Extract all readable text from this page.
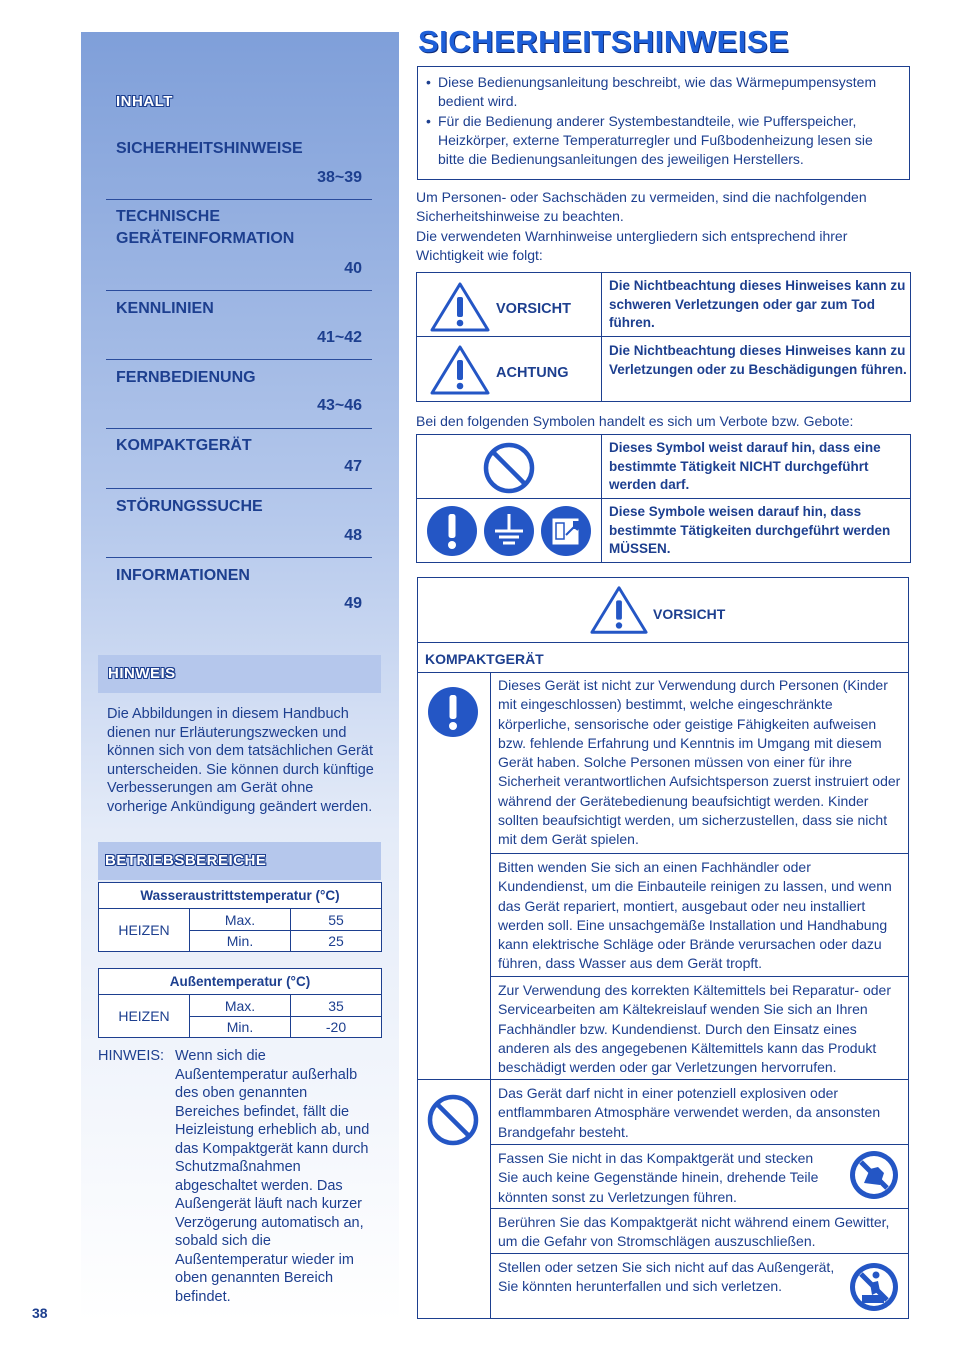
INHALT
SICHERHEITSHINWEISE
38~39
TECHNISCHE GERÄTEINFORMATION
40
KENNLINIEN
41~42
FERNBEDIENUNG
43~46
KOMPAKTGERÄT
47
STÖRUNGSSUCHE
48
INFORMATIONEN
49
HINWEIS
Die Abbildungen in diesem Handbuch dienen nur Erläuterungszwecken und können sich von dem tatsächlichen Gerät unterscheiden. Sie können durch künftige Verbesserungen am Gerät ohne vorherige Ankündigung geändert werden.
BETRIEBSBEREICHE
Wasseraustrittstemperatur (°C)		
HEIZEN	Max.	55
	Min.	25
Außentemperatur (°C)		
HEIZEN	Max.	35
	Min.	-20
HINWEIS: Wenn sich die Außentemperatur außerhalb des oben genannten Bereiches befindet, fällt die Heizleistung erheblich ab, und das Kompaktgerät kann durch Schutzmaßnahmen abgeschaltet werden. Das Außengerät läuft nach kurzer Verzögerung automatisch an, sobald sich die Außentemperatur wieder im oben genannten Bereich befindet.
38
SICHERHEITSHINWEISE
• Diese Bedienungsanleitung beschreibt, wie das Wärmepumpensystem bedient wird.
• Für die Bedienung anderer Systembestandteile, wie Pufferspeicher, Heizkörper, externe Temperaturregler und Fußbodenheizung lesen sie bitte die Bedienungsanleitungen des jeweiligen Herstellers.
Um Personen- oder Sachschäden zu vermeiden, sind die nachfolgenden Sicherheitshinweise zu beachten.
Die verwendeten Warnhinweise untergliedern sich entsprechend ihrer Wichtigkeit wie folgt:
VORSICHT
Die Nichtbeachtung dieses Hinweises kann zu schweren Verletzungen oder gar zum Tod führen.
ACHTUNG
Die Nichtbeachtung dieses Hinweises kann zu Verletzungen oder zu Beschädigungen führen.
Bei den folgenden Symbolen handelt es sich um Verbote bzw. Gebote:
Dieses Symbol weist darauf hin, dass eine bestimmte Tätigkeit NICHT durchgeführt werden darf.
Diese Symbole weisen darauf hin, dass bestimmte Tätigkeiten durchgeführt werden MÜSSEN.
VORSICHT
KOMPAKTGERÄT
Dieses Gerät ist nicht zur Verwendung durch Personen (Kinder mit eingeschlossen) bestimmt, welche eingeschränkte körperliche, sensorische oder geistige Fähigkeiten aufweisen bzw. fehlende Erfahrung und Kenntnis im Umgang mit diesem Gerät haben. Solche Personen müssen von einer für ihre Sicherheit verantwortlichen Aufsichtsperson zuerst instruiert oder während der Gerätebedienung beaufsichtigt werden. Kinder sollten beaufsichtigt werden, um sicherzustellen, dass sie nicht mit dem Gerät spielen.
Bitten wenden Sie sich an einen Fachhändler oder Kundendienst, um die Einbauteile reinigen zu lassen, und wenn das Gerät repariert, montiert, ausgebaut oder neu installiert werden soll. Eine unsachgemäße Installation und Handhabung kann elektrische Schläge oder Brände verursachen oder dazu führen, dass Wasser aus dem Gerät tropft.
Zur Verwendung des korrekten Kältemittels bei Reparatur- oder Servicearbeiten am Kältekreislauf wenden Sie sich an Ihren Fachhändler bzw. Kundendienst. Durch den Einsatz eines anderen als des angegebenen Kältemittels kann das Produkt beschädigt werden oder gar Verletzungen hervorrufen.
Das Gerät darf nicht in einer potenziell explosiven oder entflammbaren Atmosphäre verwendet werden, da ansonsten Brandgefahr besteht.
Fassen Sie nicht in das Kompaktgerät und stecken Sie auch keine Gegenstände hinein, drehende Teile könnten sonst zu Verletzungen führen.
Berühren Sie das Kompaktgerät nicht während einem Gewitter, um die Gefahr von Stromschlägen auszuschließen.
Stellen oder setzen Sie sich nicht auf das Außengerät, Sie könnten herunterfallen und sich verletzen.
